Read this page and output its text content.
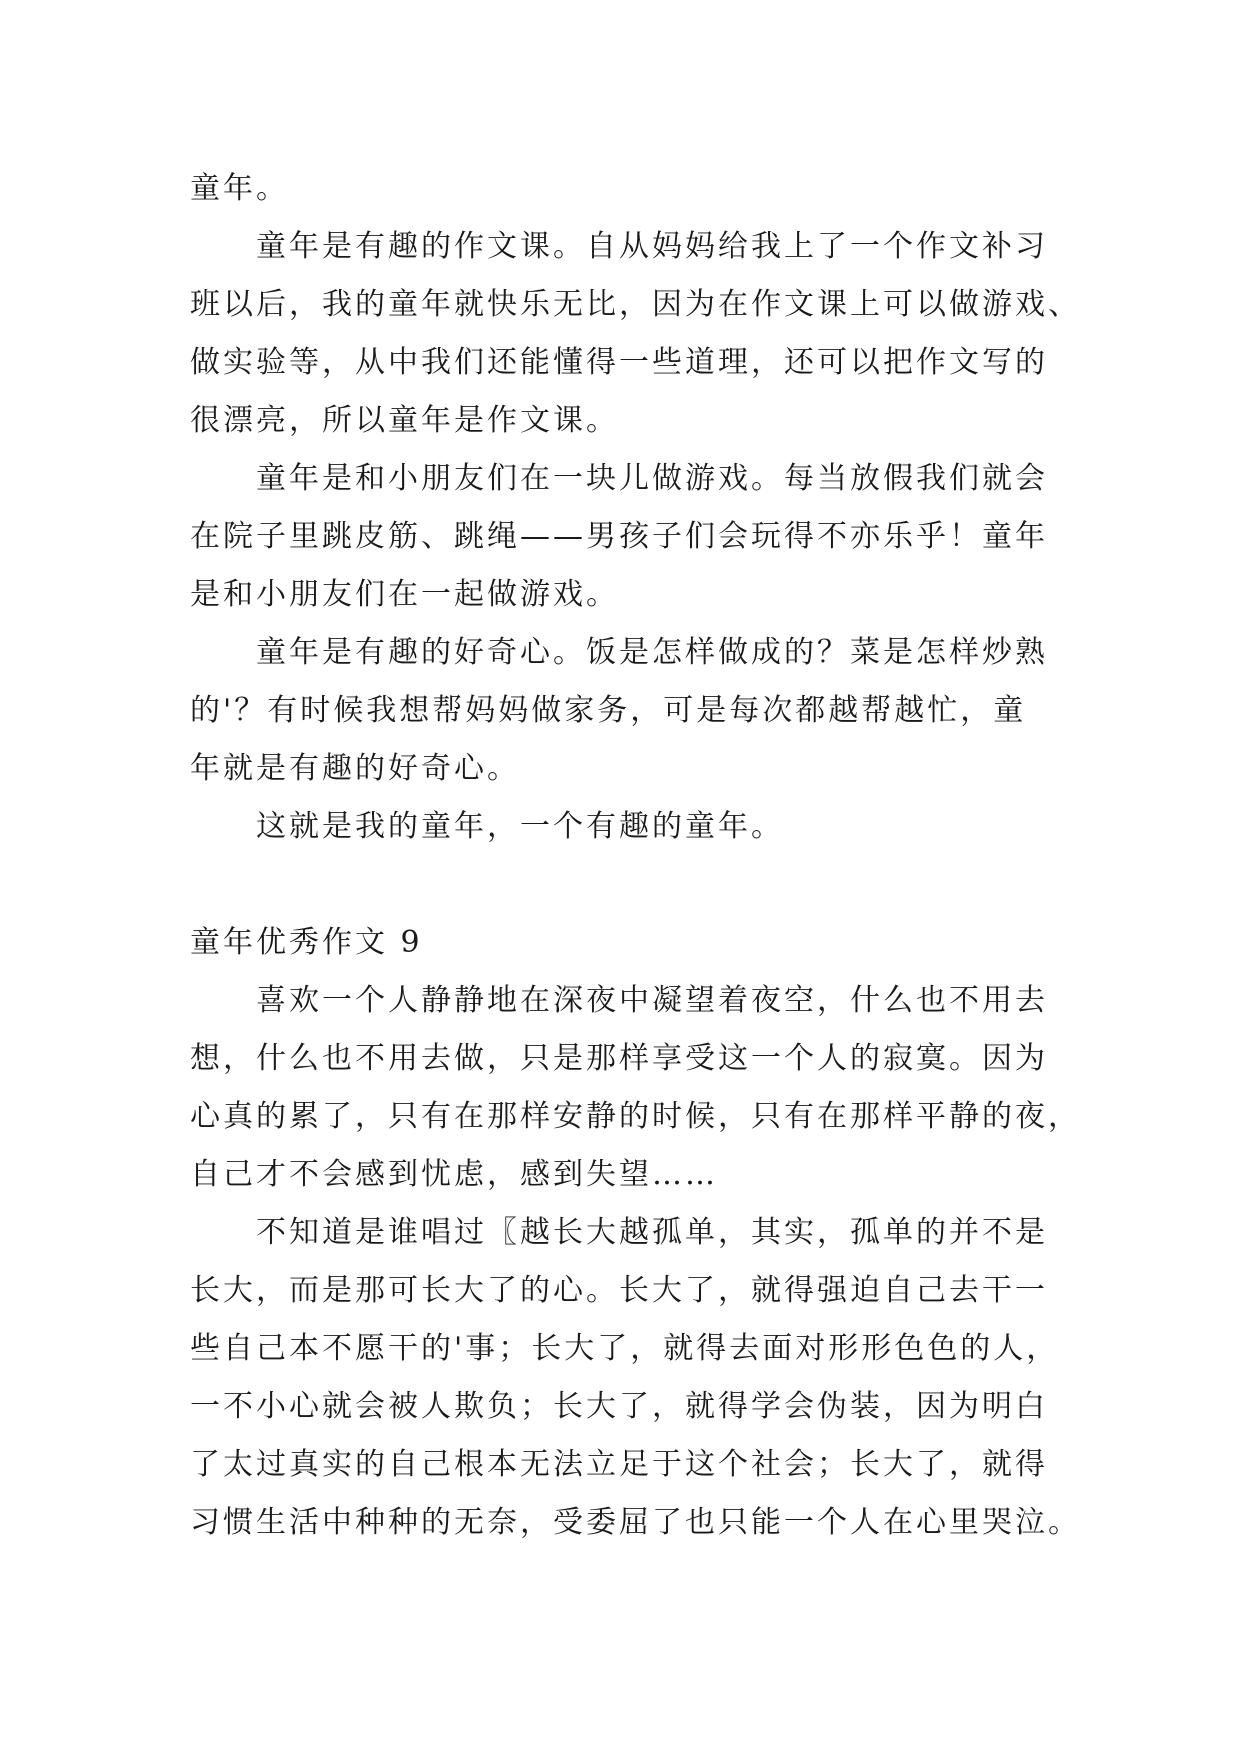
童年。
童年是有趣的作文课。自从妈妈给我上了一个作文补习
班以后，我的童年就快乐无比，因为在作文课上可以做游戏、
做实验等，从中我们还能懂得一些道理，还可以把作文写的
很漂亮，所以童年是作文课。
童年是和小朋友们在一块儿做游戏。每当放假我们就会
在院子里跳皮筋、跳绳——男孩子们会玩得不亦乐乎！童年
是和小朋友们在一起做游戏。
童年是有趣的好奇心。饭是怎样做成的？菜是怎样炒熟
的'？有时候我想帮妈妈做家务，可是每次都越帮越忙，童
年就是有趣的好奇心。
这就是我的童年，一个有趣的童年。
童年优秀作文 9
喜欢一个人静静地在深夜中凝望着夜空，什么也不用去
想，什么也不用去做，只是那样享受这一个人的寂寞。因为
心真的累了，只有在那样安静的时候，只有在那样平静的夜，
自己才不会感到忧虑，感到失望……
不知道是谁唱过〖越长大越孤单，其实，孤单的并不是
长大，而是那可长大了的心。长大了，就得强迫自己去干一
些自己本不愿干的'事；长大了，就得去面对形形色色的人，
一不小心就会被人欺负；长大了，就得学会伪装，因为明白
了太过真实的自己根本无法立足于这个社会；长大了，就得
习惯生活中种种的无奈，受委屈了也只能一个人在心里哭泣。
